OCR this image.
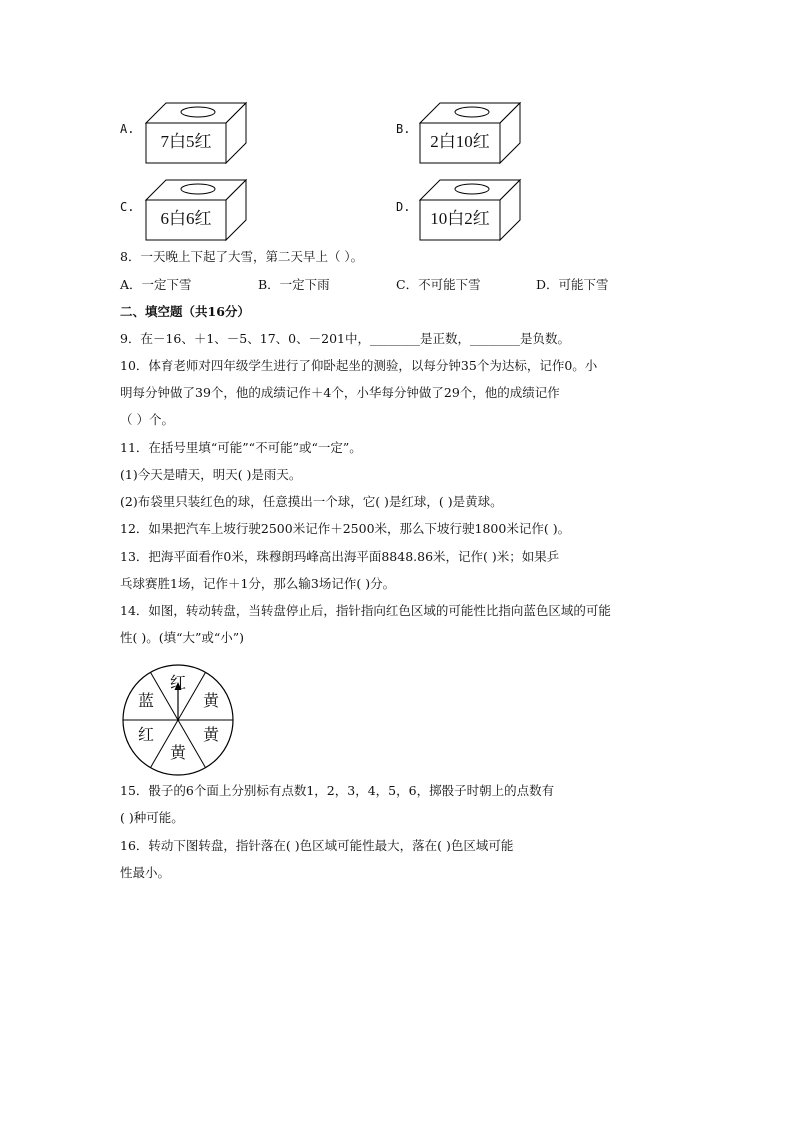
A.
7白5红
B.
2白10红
C.
6白6红
D.
10白2红
8．一天晚上下起了大雪，第二天早上（ ）。
A．一定下雪	B．一定下雨	C．不可能下雪	D．可能下雪
二、填空题（共16分）
9．在－16、＋1、－5、17、0、－201中，________是正数，________是负数。
10．体育老师对四年级学生进行了仰卧起坐的测验，以每分钟35个为达标，记作0。小
明每分钟做了39个，他的成绩记作＋4个，小华每分钟做了29个，他的成绩记作
（ ）个。
11．在括号里填“可能”“不可能”或“一定”。
(1)今天是晴天，明天( )是雨天。
(2)布袋里只装红色的球，任意摸出一个球，它( )是红球，( )是黄球。
12．如果把汽车上坡行驶2500米记作＋2500米，那么下坡行驶1800米记作( )。
13．把海平面看作0米，珠穆朗玛峰高出海平面8848.86米，记作( )米；如果乒
乓球赛胜1场，记作＋1分，那么输3场记作( )分。
14．如图，转动转盘，当转盘停止后，指针指向红色区域的可能性比指向蓝色区域的可能
性( )。(填“大”或“小”)
红
黄
黄
黄
红
蓝
15．骰子的6个面上分别标有点数1，2，3，4，5，6，掷骰子时朝上的点数有
( )种可能。
16．转动下图转盘，指针落在( )色区域可能性最大，落在( )色区域可能
性最小。
